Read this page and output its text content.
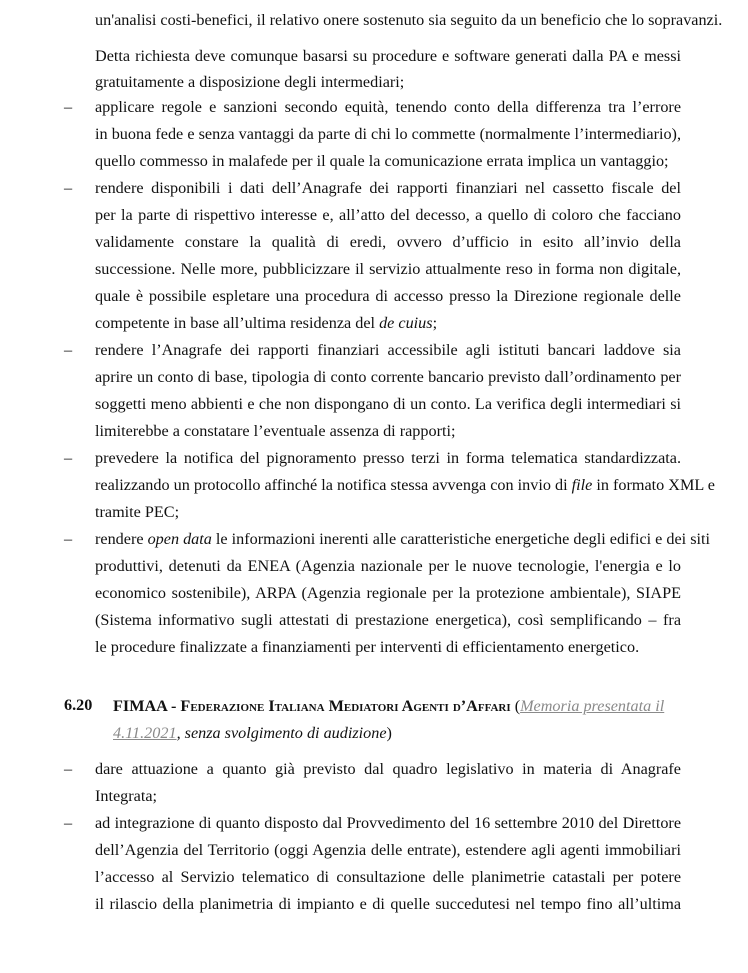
un'analisi costi-benefici, il relativo onere sostenuto sia seguito da un beneficio che lo sopravanzi.
Detta richiesta deve comunque basarsi su procedure e software generati dalla PA e messi
gratuitamente a disposizione degli intermediari;
– applicare regole e sanzioni secondo equità, tenendo conto della differenza tra l’errore
in buona fede e senza vantaggi da parte di chi lo commette (normalmente l’intermediario),
quello commesso in malafede per il quale la comunicazione errata implica un vantaggio;
– rendere disponibili i dati dell’Anagrafe dei rapporti finanziari nel cassetto fiscale del
per la parte di rispettivo interesse e, all’atto del decesso, a quello di coloro che facciano
validamente constare la qualità di eredi, ovvero d’ufficio in esito all’invio della
successione. Nelle more, pubblicizzare il servizio attualmente reso in forma non digitale,
quale è possibile espletare una procedura di accesso presso la Direzione regionale delle
competente in base all’ultima residenza del de cuius;
– rendere l’Anagrafe dei rapporti finanziari accessibile agli istituti bancari laddove sia
aprire un conto di base, tipologia di conto corrente bancario previsto dall’ordinamento per
soggetti meno abbienti e che non dispongano di un conto. La verifica degli intermediari si
limiterebbe a constatare l’eventuale assenza di rapporti;
– prevedere la notifica del pignoramento presso terzi in forma telematica standardizzata.
realizzando un protocollo affinché la notifica stessa avvenga con invio di file in formato XML e
tramite PEC;
– rendere open data le informazioni inerenti alle caratteristiche energetiche degli edifici e dei siti
produttivi, detenuti da ENEA (Agenzia nazionale per le nuove tecnologie, l'energia e lo
economico sostenibile), ARPA (Agenzia regionale per la protezione ambientale), SIAPE
(Sistema informativo sugli attestati di prestazione energetica), così semplificando – fra
le procedure finalizzate a finanziamenti per interventi di efficientamento energetico.
6.20 FIMAA - Federazione Italiana Mediatori Agenti d’Affari (Memoria presentata il
4.11.2021, senza svolgimento di audizione)
– dare attuazione a quanto già previsto dal quadro legislativo in materia di Anagrafe
Integrata;
– ad integrazione di quanto disposto dal Provvedimento del 16 settembre 2010 del Direttore
dell’Agenzia del Territorio (oggi Agenzia delle entrate), estendere agli agenti immobiliari
l’accesso al Servizio telematico di consultazione delle planimetrie catastali per potere
il rilascio della planimetria di impianto e di quelle succedutesi nel tempo fino all’ultima
